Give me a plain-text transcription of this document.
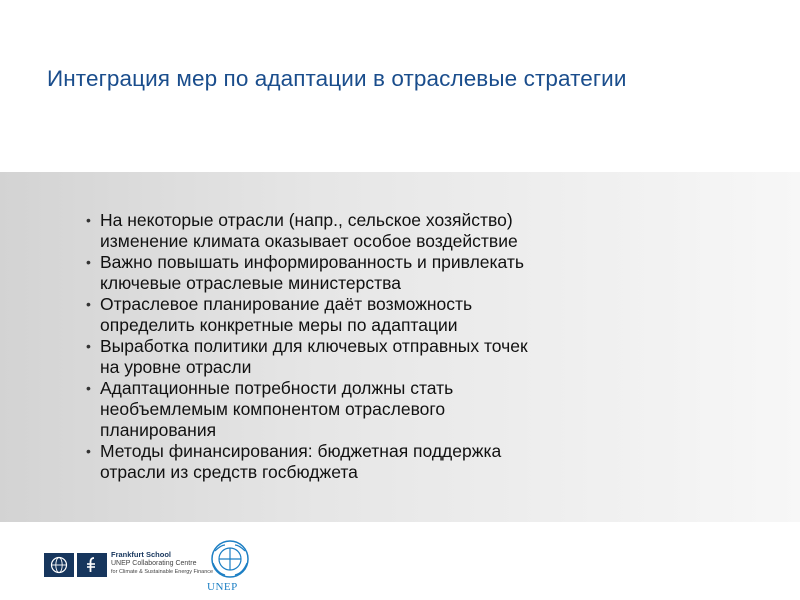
Интеграция мер по адаптации в отраслевые стратегии
• На некоторые отрасли (напр., сельское хозяйство)
изменение климата оказывает особое воздействие
• Важно повышать информированность и привлекать
ключевые отраслевые министерства
• Отраслевое планирование даёт возможность
определить конкретные меры по адаптации
• Выработка политики для ключевых отправных точек
на уровне отрасли
• Адаптационные потребности должны стать
необъемлемым компонентом отраслевого
планирования
• Методы финансирования: бюджетная поддержка
отрасли из средств госбюджета
Frankfurt School
UNEP Collaborating Centre
for Climate & Sustainable Energy Finance
UNEP
